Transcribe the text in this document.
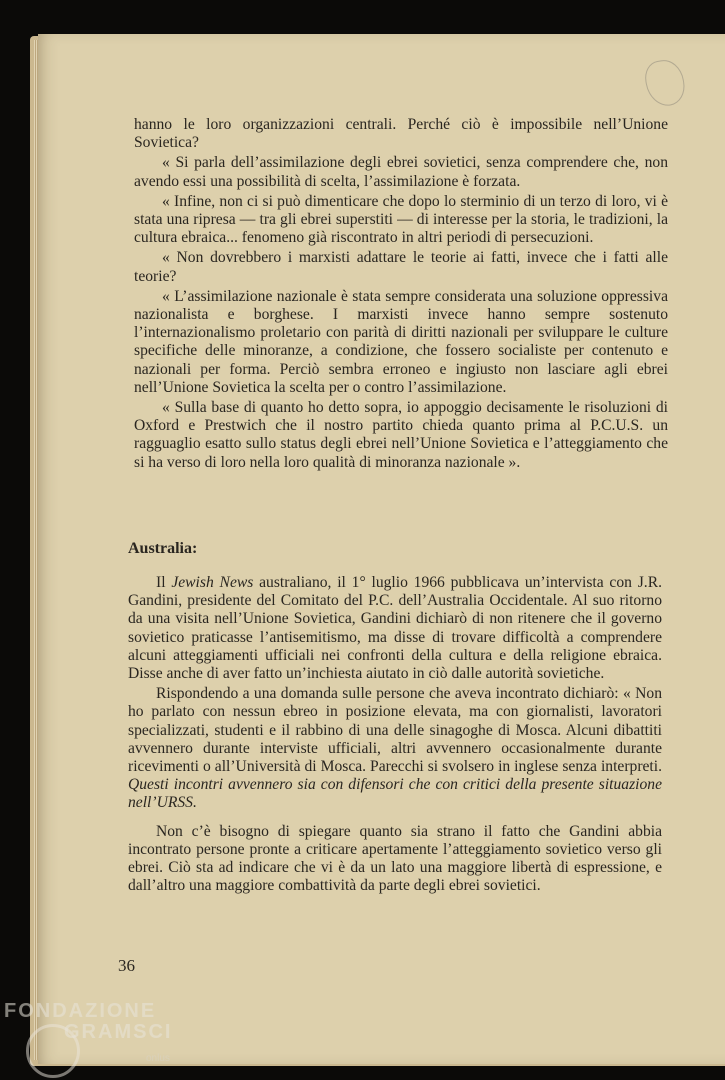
hanno le loro organizzazioni centrali. Perché ciò è impossibile nell’Unione Sovietica?

« Si parla dell’assimilazione degli ebrei sovietici, senza comprendere che, non avendo essi una possibilità di scelta, l’assimilazione è forzata.

« Infine, non ci si può dimenticare che dopo lo sterminio di un terzo di loro, vi è stata una ripresa — tra gli ebrei superstiti — di interesse per la storia, le tradizioni, la cultura ebraica... fenomeno già riscontrato in altri periodi di persecuzioni.

« Non dovrebbero i marxisti adattare le teorie ai fatti, invece che i fatti alle teorie?

« L’assimilazione nazionale è stata sempre considerata una soluzione oppressiva nazionalista e borghese. I marxisti invece hanno sempre sostenuto l’internazionalismo proletario con parità di diritti nazionali per sviluppare le culture specifiche delle minoranze, a condizione, che fossero socialiste per contenuto e nazionali per forma. Perciò sembra erroneo e ingiusto non lasciare agli ebrei nell’Unione Sovietica la scelta per o contro l’assimilazione.

« Sulla base di quanto ho detto sopra, io appoggio decisamente le risoluzioni di Oxford e Prestwich che il nostro partito chieda quanto prima al P.C.U.S. un ragguaglio esatto sullo status degli ebrei nell’Unione Sovietica e l’atteggiamento che si ha verso di loro nella loro qualità di minoranza nazionale ».

Australia:

Il Jewish News australiano, il 1° luglio 1966 pubblicava un’intervista con J.R. Gandini, presidente del Comitato del P.C. dell’Australia Occidentale. Al suo ritorno da una visita nell’Unione Sovietica, Gandini dichiarò di non ritenere che il governo sovietico praticasse l’antisemitismo, ma disse di trovare difficoltà a comprendere alcuni atteggiamenti ufficiali nei confronti della cultura e della religione ebraica. Disse anche di aver fatto un’inchiesta aiutato in ciò dalle autorità sovietiche.

Rispondendo a una domanda sulle persone che aveva incontrato dichiarò: « Non ho parlato con nessun ebreo in posizione elevata, ma con giornalisti, lavoratori specializzati, studenti e il rabbino di una delle sinagoghe di Mosca. Alcuni dibattiti avvennero durante interviste ufficiali, altri avvennero occasionalmente durante ricevimenti o all’Università di Mosca. Parecchi si svolsero in inglese senza interpreti. Questi incontri avvennero sia con difensori che con critici della presente situazione nell’URSS.

Non c’è bisogno di spiegare quanto sia strano il fatto che Gandini abbia incontrato persone pronte a criticare apertamente l’atteggiamento sovietico verso gli ebrei. Ciò sta ad indicare che vi è da un lato una maggiore libertà di espressione, e dall’altro una maggiore combattività da parte degli ebrei sovietici.

36
FONDAZIONE
GRAMSCI
onlus
